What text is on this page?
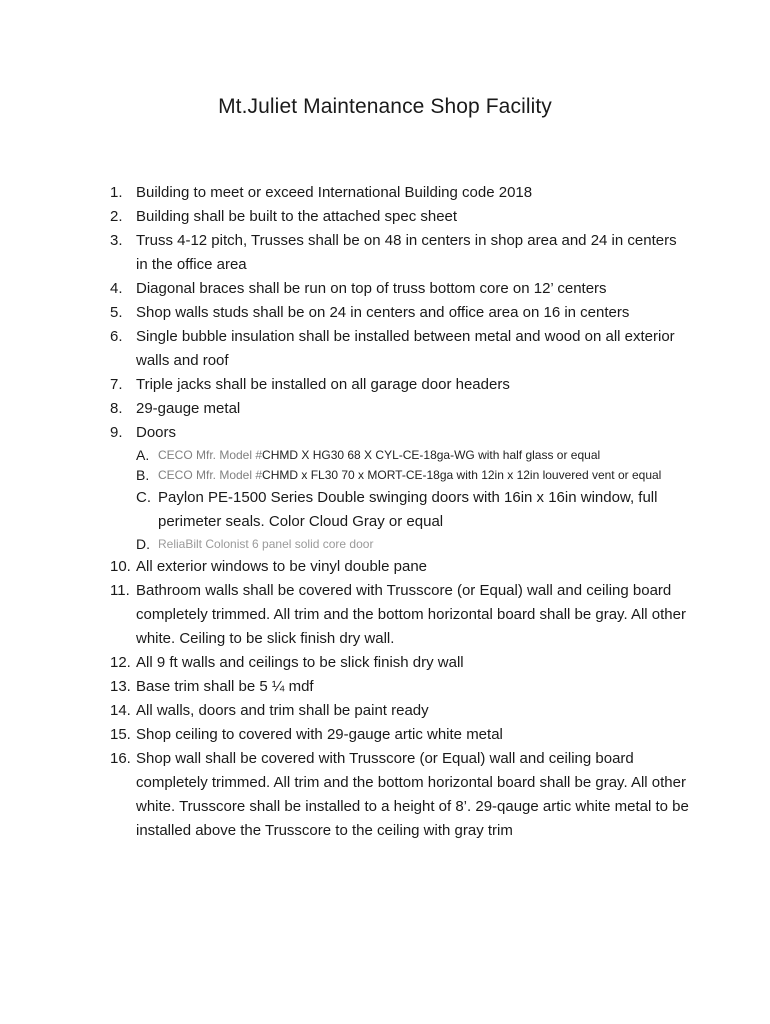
Mt.Juliet Maintenance Shop Facility
1. Building to meet or exceed International Building code 2018
2. Building shall be built to the attached spec sheet
3. Truss 4-12 pitch, Trusses shall be on 48 in centers in shop area and 24 in centers in the office area
4. Diagonal braces shall be run on top of truss bottom core on 12’ centers
5. Shop walls studs shall be on 24 in centers and office area on 16 in centers
6. Single bubble insulation shall be installed between metal and wood on all exterior walls and roof
7. Triple jacks shall be installed on all garage door headers
8. 29-gauge metal
9. Doors
A. CECO Mfr. Model #CHMD X HG30 68 X CYL-CE-18ga-WG with half glass or equal
B. CECO Mfr. Model #CHMD x FL30 70 x MORT-CE-18ga with 12in x 12in louvered vent or equal
C. Paylon PE-1500 Series Double swinging doors with 16in x 16in window, full perimeter seals. Color Cloud Gray or equal
D. ReliaBilt Colonist 6 panel solid core door
10. All exterior windows to be vinyl double pane
11. Bathroom walls shall be covered with Trusscore (or Equal) wall and ceiling board completely trimmed. All trim and the bottom horizontal board shall be gray. All other white. Ceiling to be slick finish dry wall.
12. All 9 ft walls and ceilings to be slick finish dry wall
13. Base trim shall be 5 ¼ mdf
14. All walls, doors and trim shall be paint ready
15. Shop ceiling to covered with 29-gauge artic white metal
16. Shop wall shall be covered with Trusscore (or Equal) wall and ceiling board completely trimmed. All trim and the bottom horizontal board shall be gray. All other white. Trusscore shall be installed to a height of 8’. 29-qauge artic white metal to be installed above the Trusscore to the ceiling with gray trim
